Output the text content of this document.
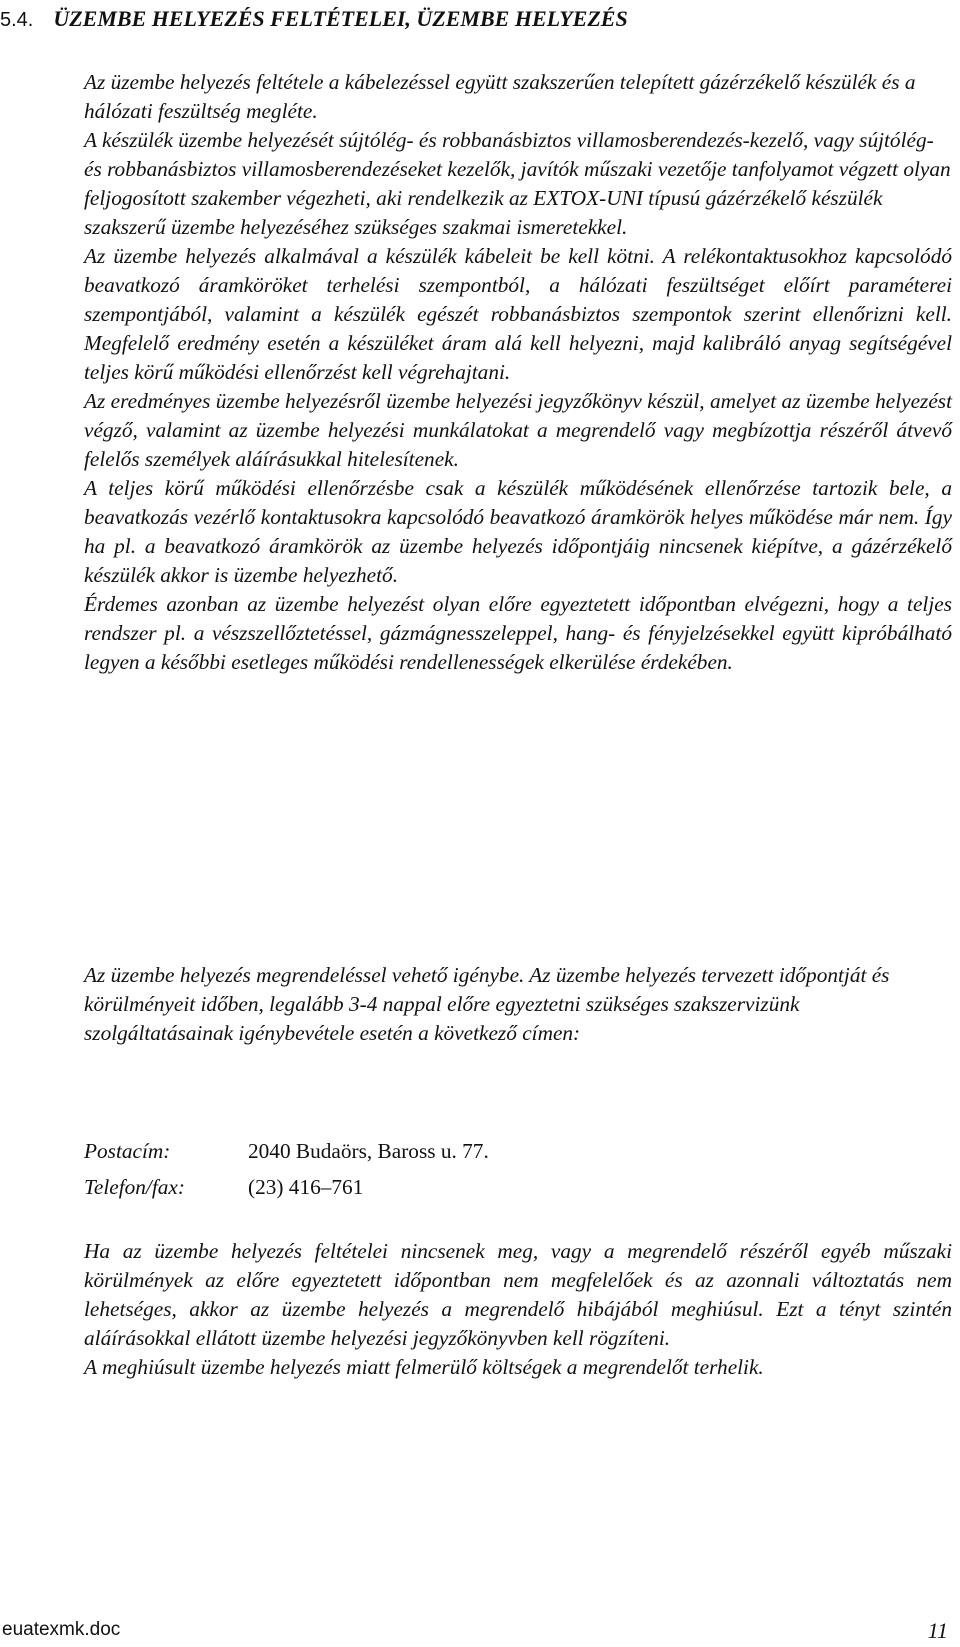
5.4. ÜZEMBE HELYEZÉS FELTÉTELEI, ÜZEMBE HELYEZÉS

Az üzembe helyezés feltétele a kábelezéssel együtt szakszerűen telepített gázérzékelő készülék és a hálózati feszültség megléte.

A készülék üzembe helyezését sújtólég- és robbanásbiztos villamosberendezés-kezelő, vagy sújtólég- és robbanásbiztos villamosberendezéseket kezelők, javítók műszaki vezetője tanfolyamot végzett olyan feljogosított szakember végezheti, aki rendelkezik az EXTOX-UNI típusú gázérzékelő készülék szakszerű üzembe helyezéséhez szükséges szakmai ismeretekkel.

Az üzembe helyezés alkalmával a készülék kábeleit be kell kötni. A relékontaktusokhoz kapcsolódó beavatkozó áramköröket terhelési szempontból, a hálózati feszültséget előírt paraméterei szempontjából, valamint a készülék egészét robbanásbiztos szempontok szerint ellenőrizni kell. Megfelelő eredmény esetén a készüléket áram alá kell helyezni, majd kalibráló anyag segítségével teljes körű működési ellenőrzést kell végrehajtani.

Az eredményes üzembe helyezésről üzembe helyezési jegyzőkönyv készül, amelyet az üzembe helyezést végző, valamint az üzembe helyezési munkálatokat a megrendelő vagy megbízottja részéről átvevő felelős személyek aláírásukkal hitelesítenek.

A teljes körű működési ellenőrzésbe csak a készülék működésének ellenőrzése tartozik bele, a beavatkozás vezérlő kontaktusokra kapcsolódó beavatkozó áramkörök helyes működése már nem. Így ha pl. a beavatkozó áramkörök az üzembe helyezés időpontjáig nincsenek kiépítve, a gázérzékelő készülék akkor is üzembe helyezhető.

Érdemes azonban az üzembe helyezést olyan előre egyeztetett időpontban elvégezni, hogy a teljes rendszer pl. a vészszellőztetéssel, gázmágnesszeleppel, hang- és fényjelzésekkel együtt kipróbálható legyen a későbbi esetleges működési rendellenességek elkerülése érdekében.

Az üzembe helyezés megrendeléssel vehető igénybe. Az üzembe helyezés tervezett időpontját és körülményeit időben, legalább 3-4 nappal előre egyeztetni szükséges szakszervizünk szolgáltatásainak igénybevétele esetén a következő címen:

Postacím:	2040 Budaörs, Baross u. 77.
Telefon/fax:	(23) 416–761

Ha az üzembe helyezés feltételei nincsenek meg, vagy a megrendelő részéről egyéb műszaki körülmények az előre egyeztetett időpontban nem megfelelőek és az azonnali változtatás nem lehetséges, akkor az üzembe helyezés a megrendelő hibájából meghiúsul. Ezt a tényt szintén aláírásokkal ellátott üzembe helyezési jegyzőkönyvben kell rögzíteni.

A meghiúsult üzembe helyezés miatt felmerülő költségek a megrendelőt terhelik.

euatexmk.doc	11
